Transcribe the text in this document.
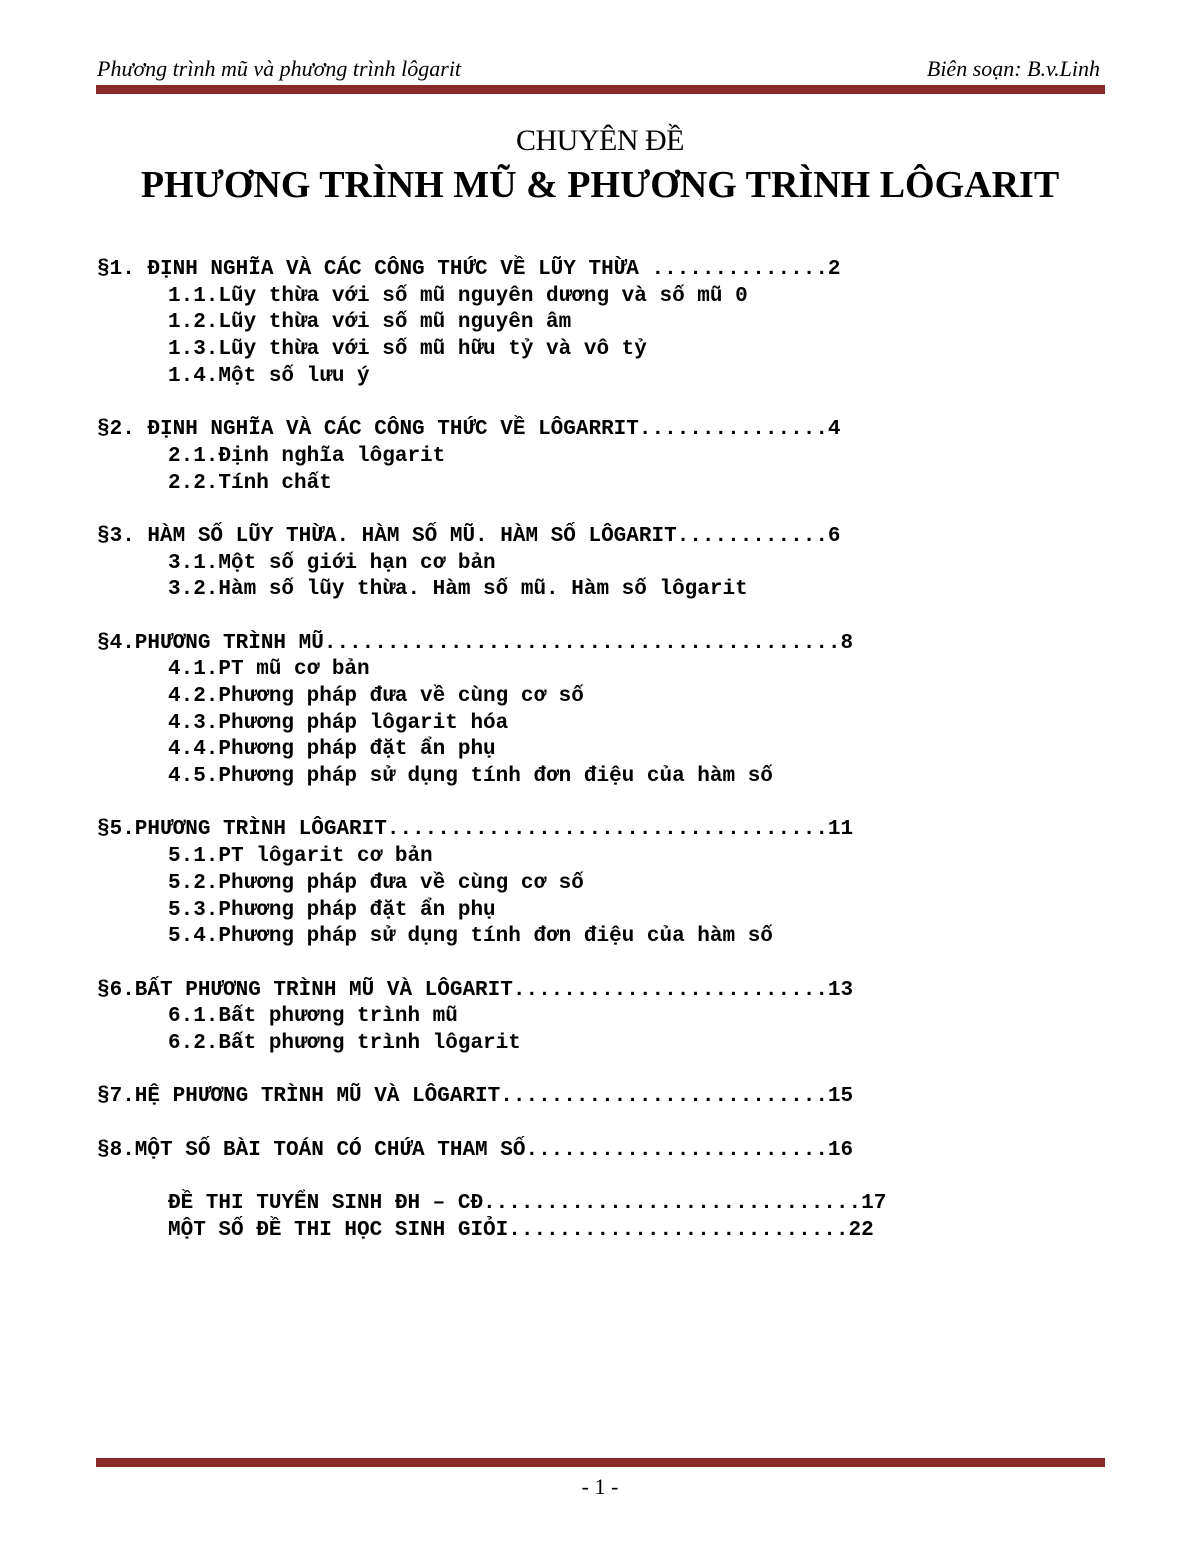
Phương trình mũ và phương trình lôgarit	Biên soạn: B.v.Linh
CHUYÊN ĐỀ
PHƯƠNG TRÌNH MŨ & PHƯƠNG TRÌNH LÔGARIT
§1. ĐỊNH NGHĨA VÀ CÁC CÔNG THỨC VỀ LŨY THỪA ..............2
1.1.Lũy thừa với số mũ nguyên dương và số mũ 0
1.2.Lũy thừa với số mũ nguyên âm
1.3.Lũy thừa với số mũ hữu tỷ và vô tỷ
1.4.Một số lưu ý
§2. ĐỊNH NGHĨA VÀ CÁC CÔNG THỨC VỀ LÔGARRIT...............4
2.1.Định nghĩa lôgarit
2.2.Tính chất
§3. HÀM SỐ LŨY THỪA. HÀM SỐ MŨ. HÀM SỐ LÔGARIT............6
3.1.Một số giới hạn cơ bản
3.2.Hàm số lũy thừa. Hàm số mũ. Hàm số lôgarit
§4.PHƯƠNG TRÌNH MŨ.........................................8
4.1.PT mũ cơ bản
4.2.Phương pháp đưa về cùng cơ số
4.3.Phương pháp lôgarit hóa
4.4.Phương pháp đặt ẩn phụ
4.5.Phương pháp sử dụng tính đơn điệu của hàm số
§5.PHƯƠNG TRÌNH LÔGARIT...................................11
5.1.PT lôgarit cơ bản
5.2.Phương pháp đưa về cùng cơ số
5.3.Phương pháp đặt ẩn phụ
5.4.Phương pháp sử dụng tính đơn điệu của hàm số
§6.BẤT PHƯƠNG TRÌNH MŨ VÀ LÔGARIT.........................13
6.1.Bất phương trình mũ
6.2.Bất phương trình lôgarit
§7.HỆ PHƯƠNG TRÌNH MŨ VÀ LÔGARIT..........................15
§8.MỘT SỐ BÀI TOÁN CÓ CHỨA THAM SỐ........................16
ĐỀ THI TUYỂN SINH ĐH – CĐ..............................17
MỘT SỐ ĐỀ THI HỌC SINH GIỎI...........................22
- 1 -
